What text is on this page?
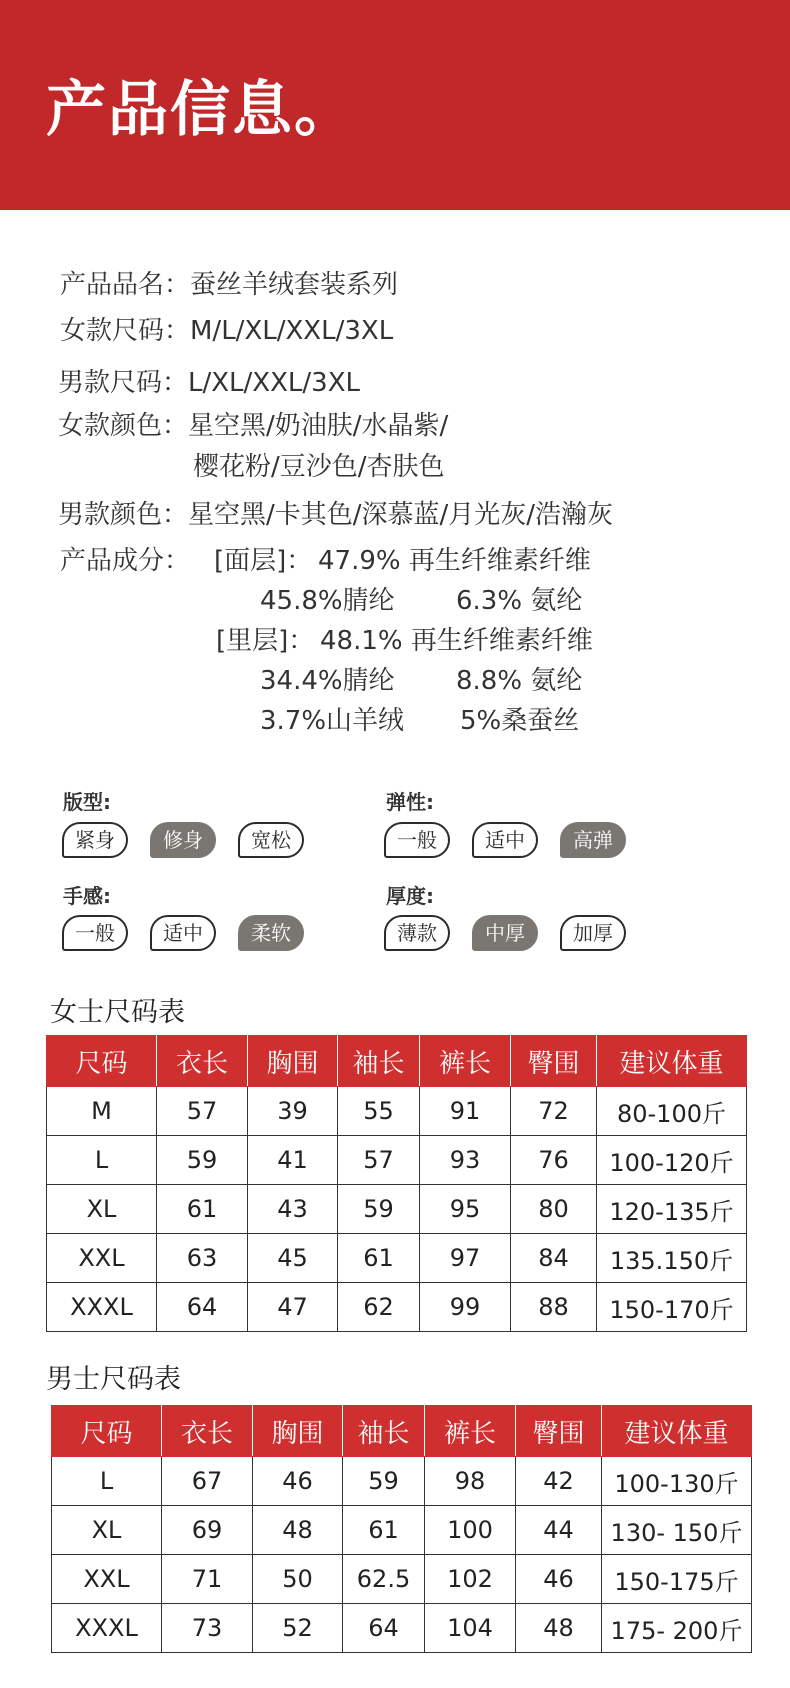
产品信息。
产品品名：蚕丝羊绒套装系列
女款尺码：M/L/XL/XXL/3XL
男款尺码：L/XL/XXL/3XL
女款颜色：星空黑/奶油肤/水晶紫/
樱花粉/豆沙色/杏肤色
男款颜色：星空黑/卡其色/深慕蓝/月光灰/浩瀚灰
产品成分： [面层]： 47.9% 再生纤维素纤维
45.8%腈纶 6.3% 氨纶
[里层]： 48.1% 再生纤维素纤维
34.4%腈纶 8.8% 氨纶
3.7%山羊绒 5%桑蚕丝
版型:
紧身	修身	宽松
弹性:
一般	适中	高弹
手感:
一般	适中	柔软
厚度:
薄款	中厚	加厚
女士尺码表
尺码	衣长	胸围	袖长	裤长	臀围	建议体重
M	57	39	55	91	72	80-100斤
L	59	41	57	93	76	100-120斤
XL	61	43	59	95	80	120-135斤
XXL	63	45	61	97	84	135.150斤
XXXL	64	47	62	99	88	150-170斤
男士尺码表
尺码	衣长	胸围	袖长	裤长	臀围	建议体重
L	67	46	59	98	42	100-130斤
XL	69	48	61	100	44	130- 150斤
XXL	71	50	62.5	102	46	150-175斤
XXXL	73	52	64	104	48	175- 200斤
